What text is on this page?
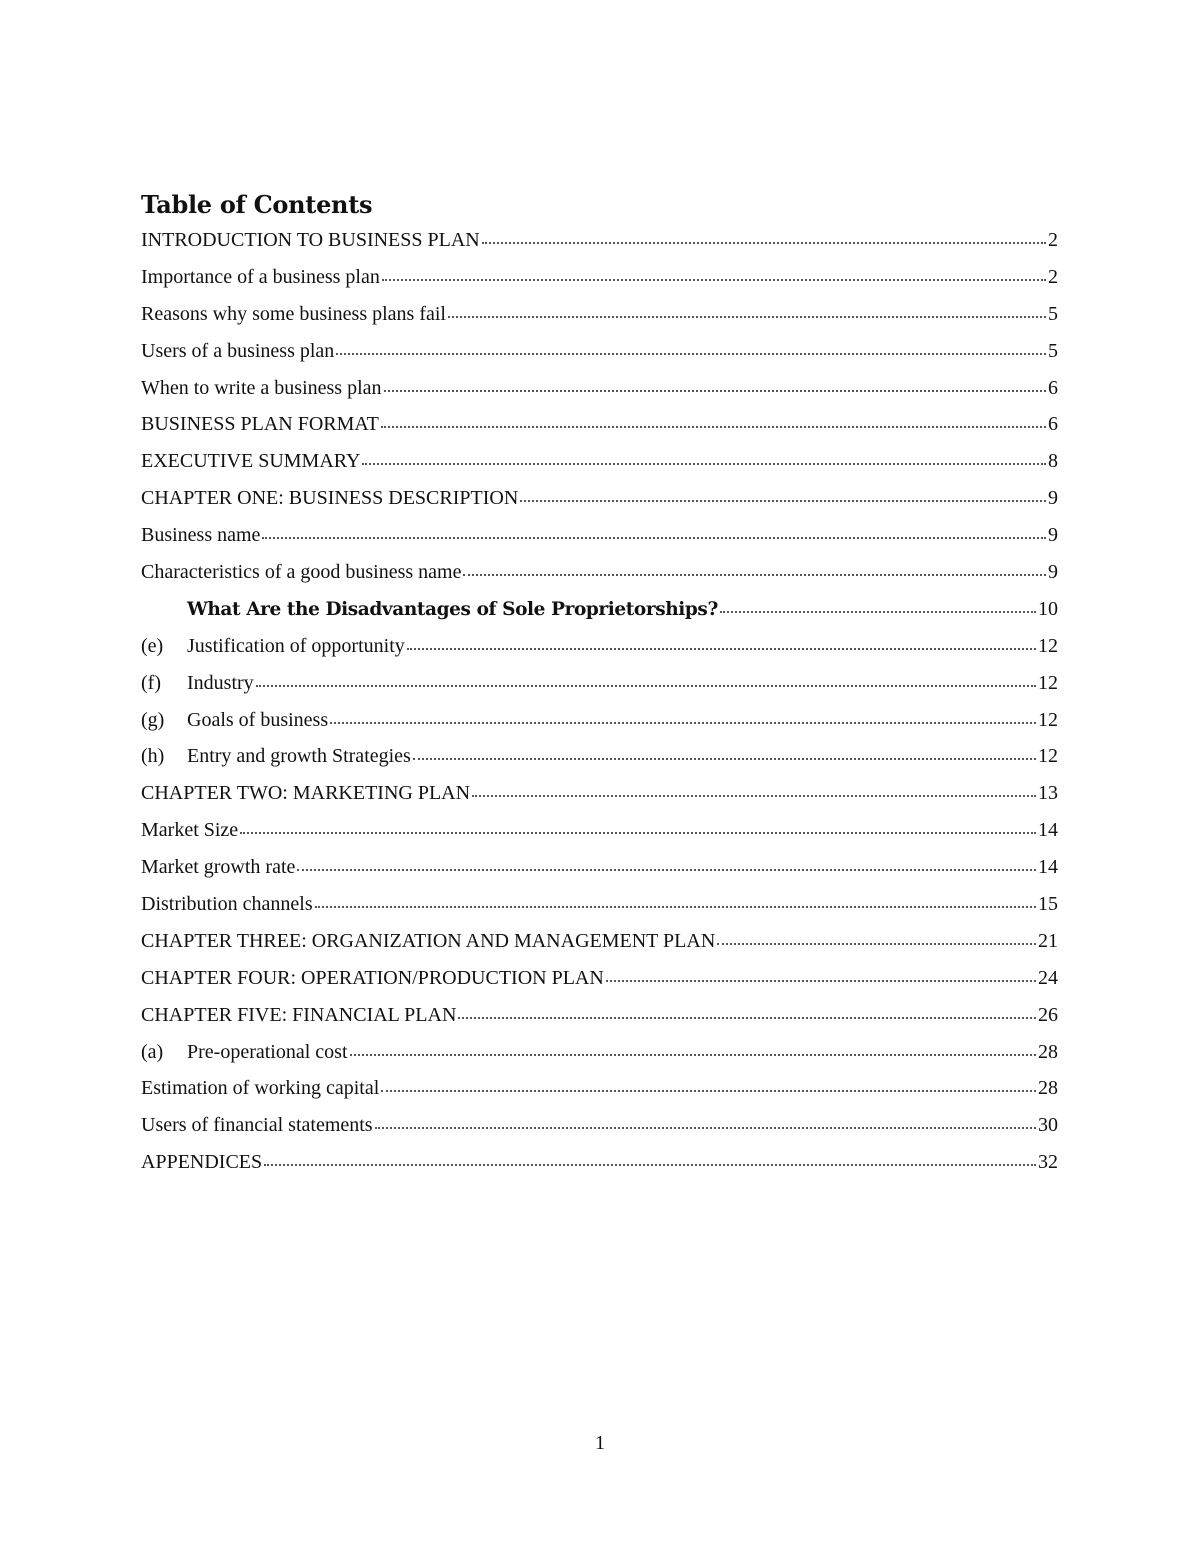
Table of Contents
INTRODUCTION TO BUSINESS PLAN	2
Importance of a business plan	2
Reasons why some business plans fail	5
Users of a business plan	5
When to write a business plan	6
BUSINESS PLAN FORMAT	6
EXECUTIVE SUMMARY	8
CHAPTER ONE: BUSINESS DESCRIPTION	9
Business name	9
Characteristics of a good business name	9
What Are the Disadvantages of Sole Proprietorships?	10
(e)	Justification of opportunity	12
(f)	Industry	12
(g)	Goals of business	12
(h)	Entry and growth Strategies	12
CHAPTER TWO: MARKETING PLAN	13
Market Size	14
Market growth rate	14
Distribution channels	15
CHAPTER THREE: ORGANIZATION AND MANAGEMENT PLAN	21
CHAPTER FOUR: OPERATION/PRODUCTION PLAN	24
CHAPTER FIVE: FINANCIAL PLAN	26
(a)	Pre-operational cost	28
Estimation of working capital	28
Users of financial statements	30
APPENDICES	32
1
